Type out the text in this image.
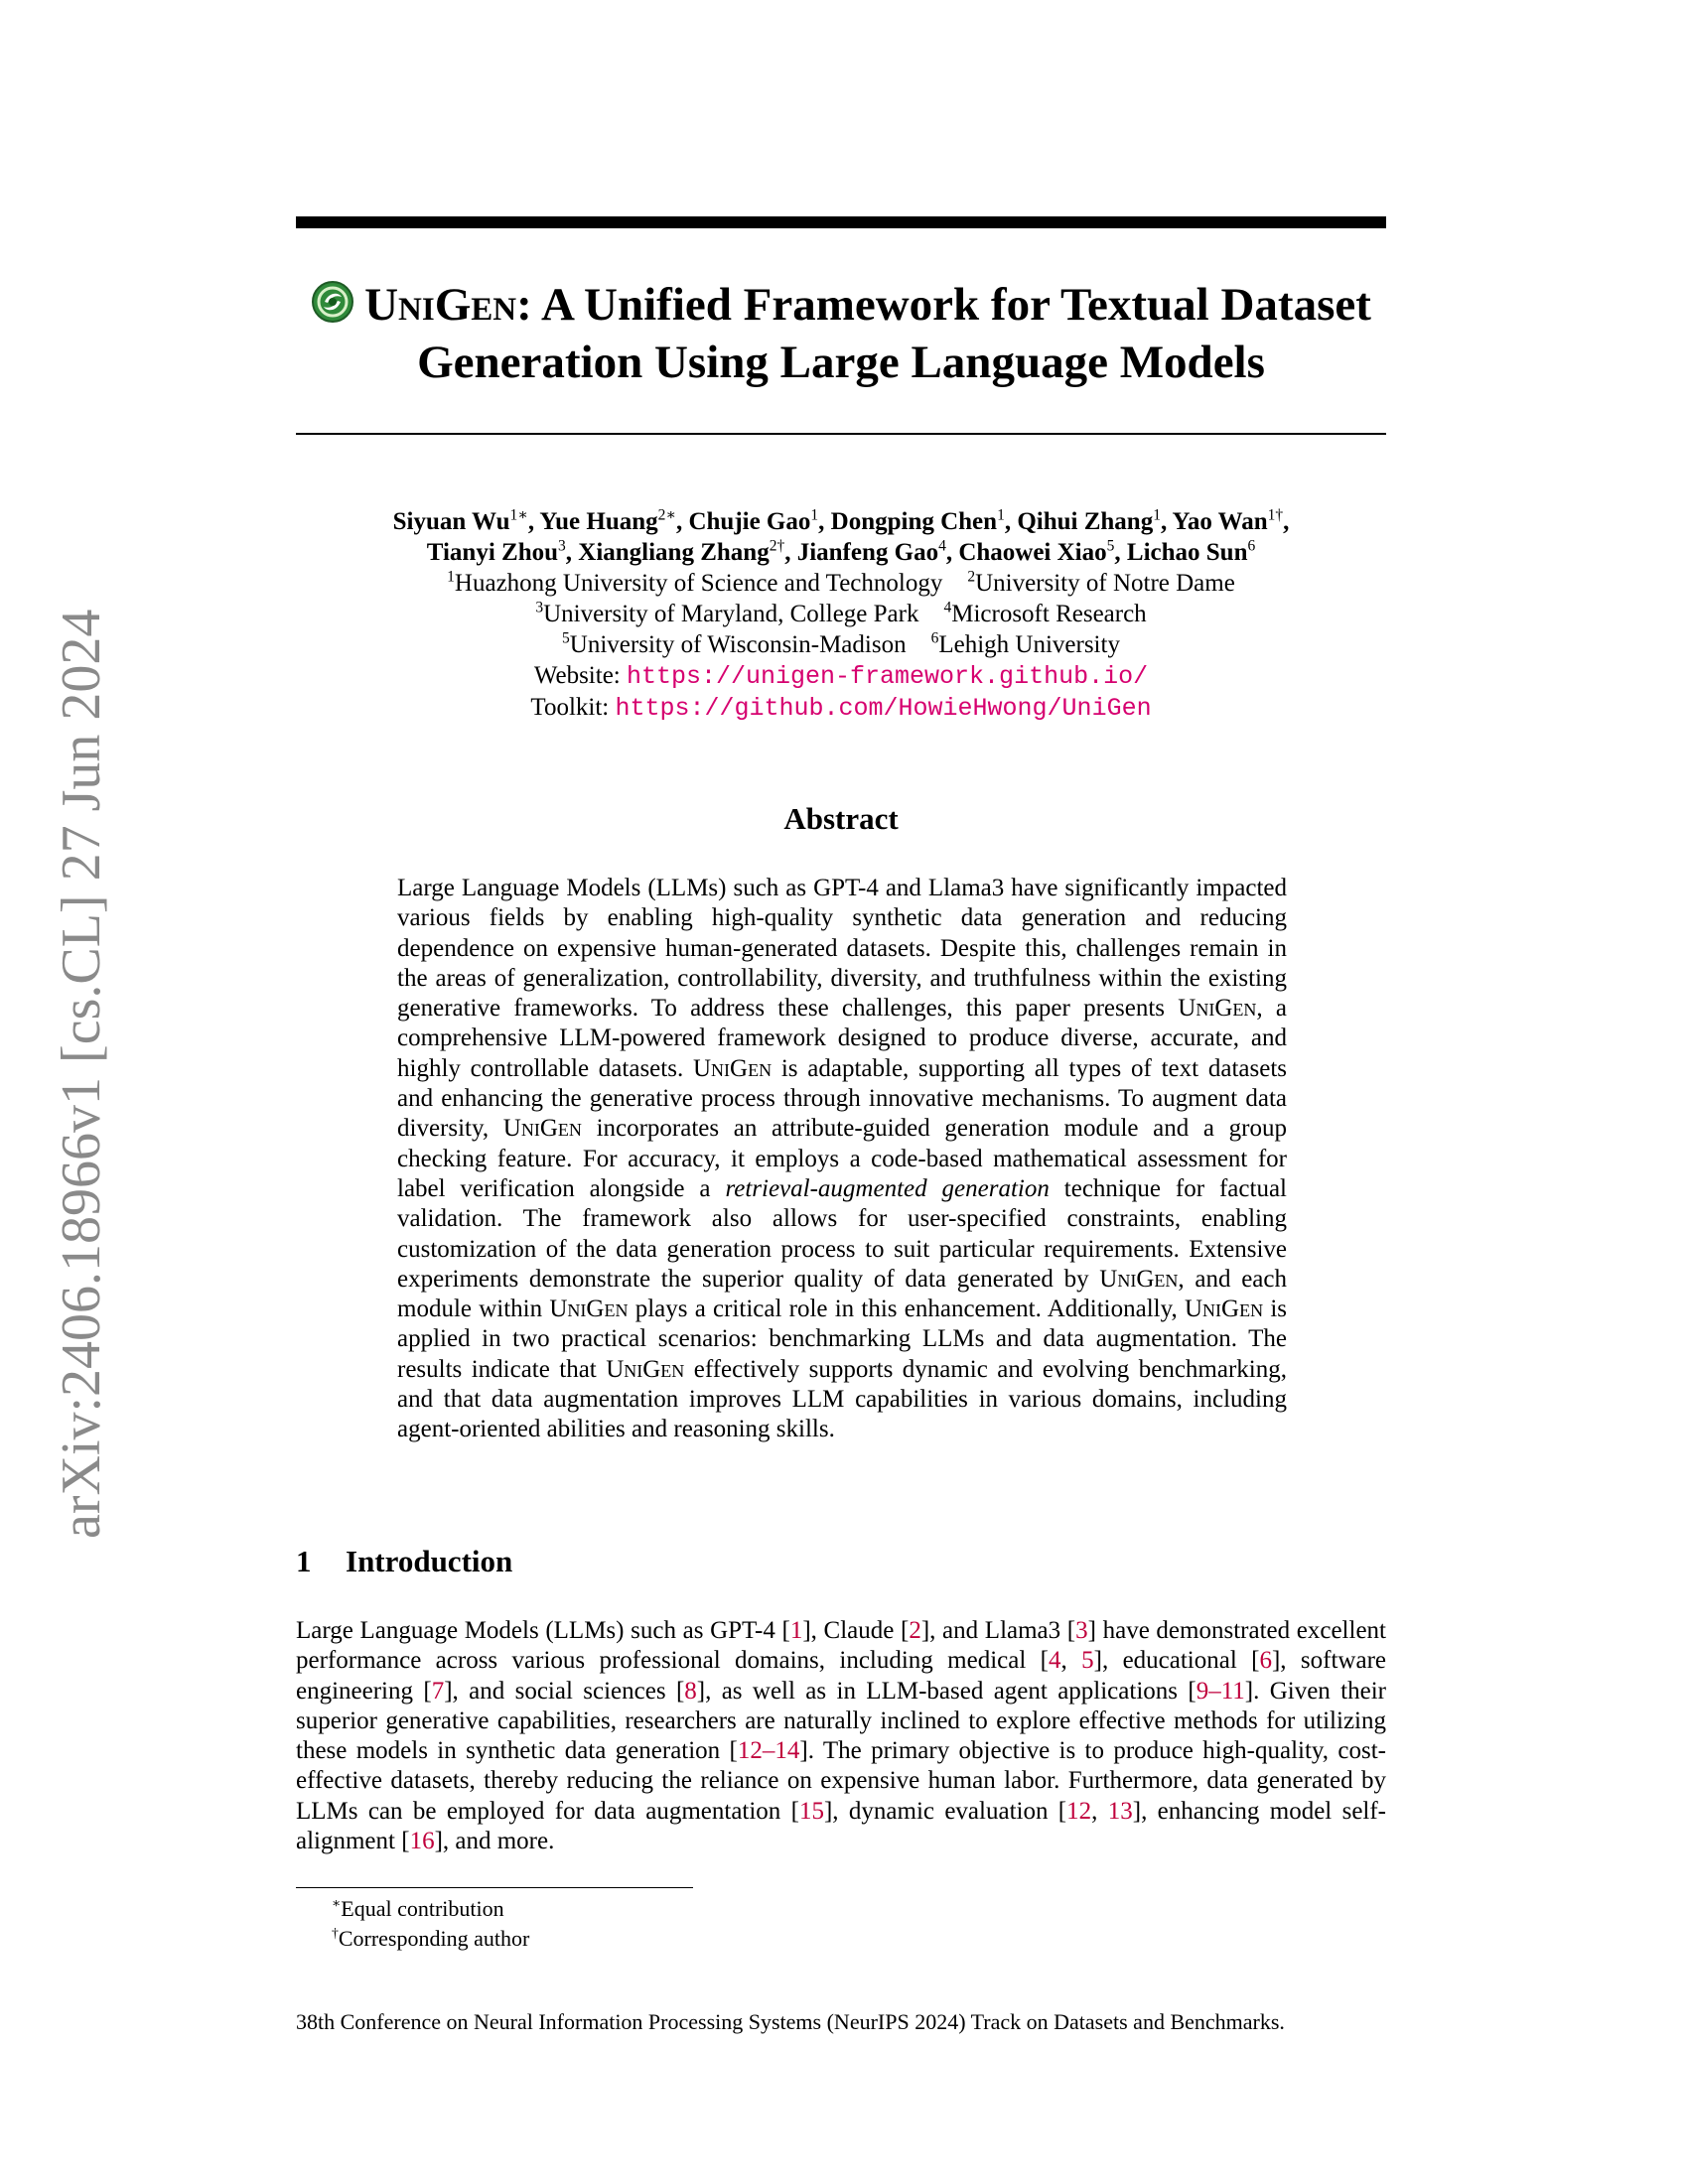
arXiv:2406.18966v1 [cs.CL] 27 Jun 2024
UniGen: A Unified Framework for Textual Dataset
Generation Using Large Language Models
Siyuan $Wu^{1∗}$, Yue Huang$^{2∗}$, Chujie Gao$^1$, Dongping Chen$^1$, Qihui Zhang$^1$, Yao Wan$^{1\dagger}$,
Tianyi Zhou$^3$, Xiangliang Zhang$^{2\dagger}$, Jianfeng Gao$^4$, Chaowei Xiao$^5$, Lichao Sun$^6$
$^1$Huazhong University of Science and Technology $^2$University of Notre Dame
$^3$University of Maryland, College Park $^4$Microsoft Research
$^5$University of Wisconsin-Madison $^6$Lehigh University
Website: https://unigen-framework.github.io/
Toolkit: https://github.com/HowieHwong/UniGen
Abstract
Large Language Models (LLMs) such as GPT-4 and Llama3 have significantly impacted various fields by enabling high-quality synthetic data generation and reducing dependence on expensive human-generated datasets. Despite this, challenges remain in the areas of generalization, controllability, diversity, and truthfulness within the existing generative frameworks. To address these challenges, this paper presents UniGen, a comprehensive LLM-powered framework designed to produce diverse, accurate, and highly controllable datasets. UniGen is adaptable, supporting all types of text datasets and enhancing the generative process through innovative mechanisms. To augment data diversity, UniGen incorporates an attribute-guided generation module and a group checking feature. For accuracy, it employs a code-based mathematical assessment for label verification alongside a retrieval-augmented generation technique for factual validation. The framework also allows for user-specified constraints, enabling customization of the data generation process to suit particular requirements. Extensive experiments demonstrate the superior quality of data generated by UniGen, and each module within UniGen plays a critical role in this enhancement. Additionally, UniGen is applied in two practical scenarios: benchmarking LLMs and data augmentation. The results indicate that UniGen effectively supports dynamic and evolving benchmarking, and that data augmentation improves LLM capabilities in various domains, including agent-oriented abilities and reasoning skills.
1 Introduction
Large Language Models (LLMs) such as GPT-4 [1], Claude [2], and Llama3 [3] have demonstrated excellent performance across various professional domains, including medical [4, 5], educational [6], software engineering [7], and social sciences [8], as well as in LLM-based agent applications [9–11]. Given their superior generative capabilities, researchers are naturally inclined to explore effective methods for utilizing these models in synthetic data generation [12–14]. The primary objective is to produce high-quality, cost-effective datasets, thereby reducing the reliance on expensive human labor. Furthermore, data generated by LLMs can be employed for data augmentation [15], dynamic evaluation [12, 13], enhancing model self-alignment [16], and more.
∗Equal contribution
†Corresponding author
38th Conference on Neural Information Processing Systems (NeurIPS 2024) Track on Datasets and Benchmarks.
